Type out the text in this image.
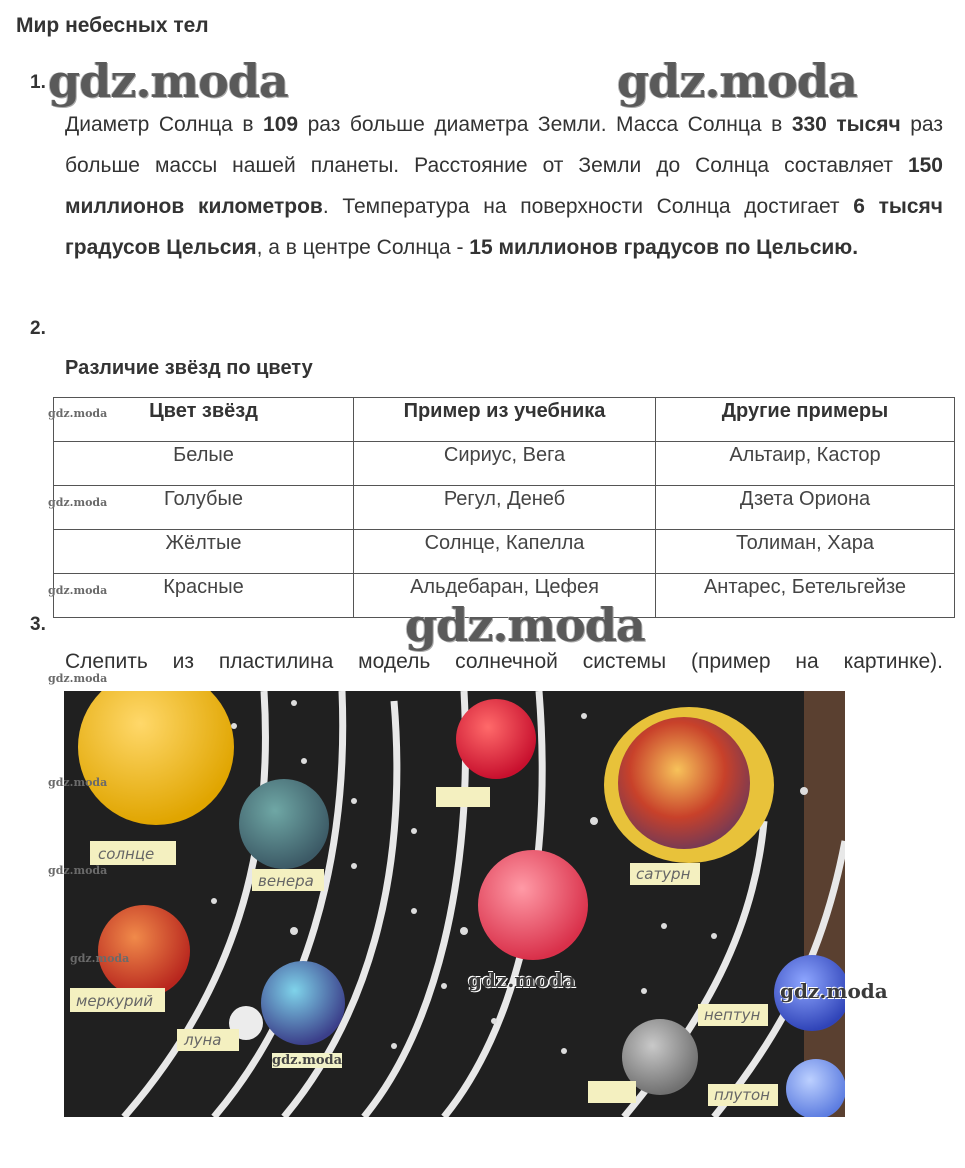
Мир небесных тел
1. gdz.moda	gdz.moda
Диаметр Солнца в 109 раз больше диаметра Земли. Масса Солнца в 330 тысяч раз больше массы нашей планеты. Расстояние от Земли до Солнца составляет 150 миллионов километров. Температура на поверхности Солнца достигает 6 тысяч градусов Цельсия, а в центре Солнца - 15 миллионов градусов по Цельсию.
2.
Различие звёзд по цвету
Цвет звёзд	Пример из учебника	Другие примеры
Белые	Сириус, Вега	Альтаир, Кастор
Голубые	Регул, Денеб	Дзета Ориона
Жёлтые	Солнце, Капелла	Толиман, Хара
Красные	Альдебаран, Цефея	Антарес, Бетельгейзе
gdz.moda
gdz.moda
gdz.moda
3.	gdz.moda
Слепить из пластилина модель солнечной системы (пример на картинке).
gdz.moda
солнце
венера
меркурий
луна
сатурн
нептун
плутон
gdz.moda
gdz.moda
gdz.moda
gdz.moda	gdz.moda
gdz.moda
